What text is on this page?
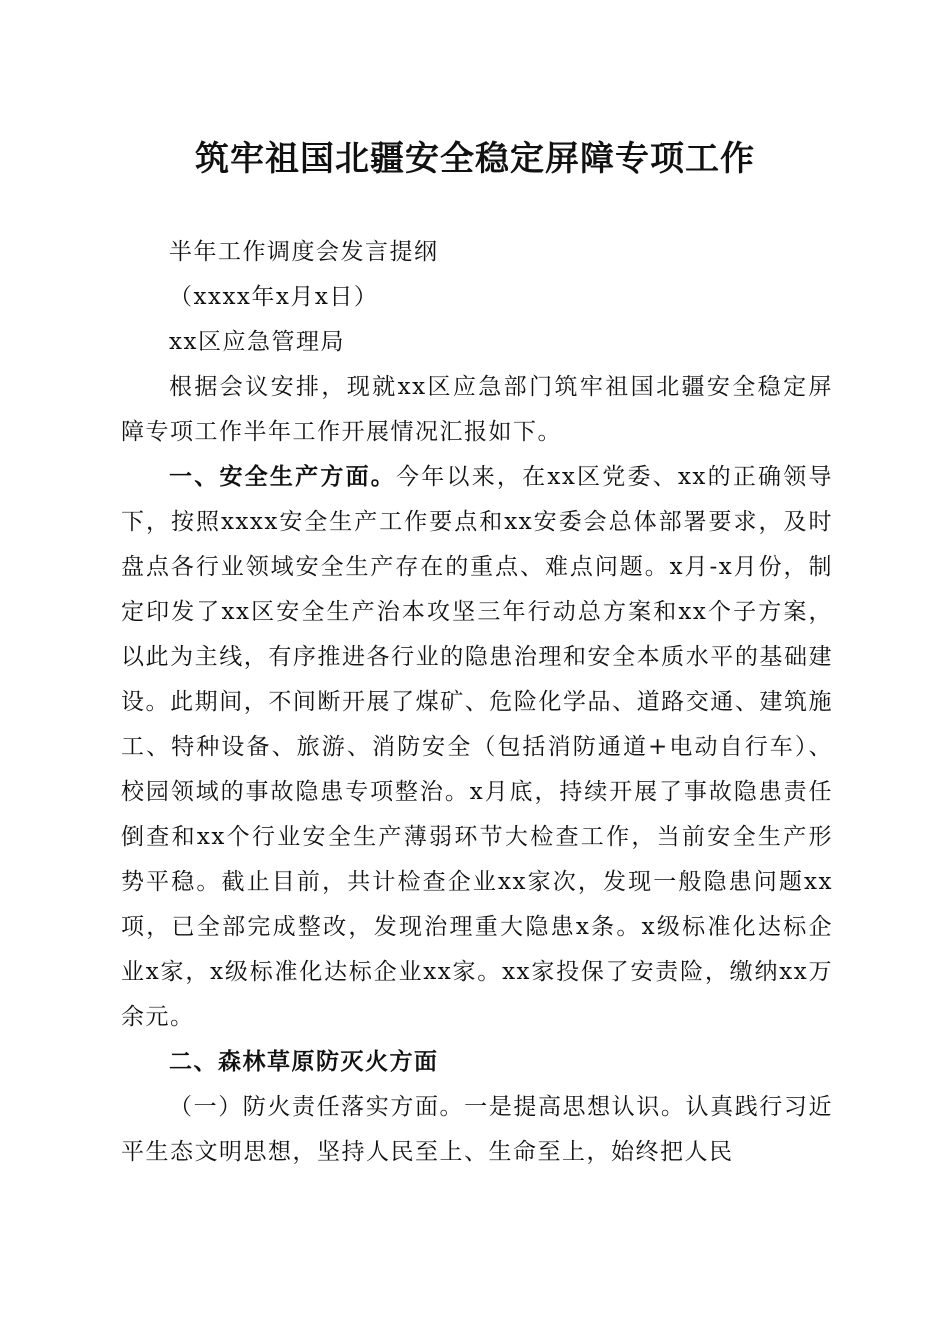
筑牢祖国北疆安全稳定屏障专项工作

半年工作调度会发言提纲

（xxxx年x月x日）

xx区应急管理局

根据会议安排，现就xx区应急部门筑牢祖国北疆安全稳定屏障专项工作半年工作开展情况汇报如下。

一、安全生产方面。今年以来，在xx区党委、xx的正确领导下，按照xxxx安全生产工作要点和xx安委会总体部署要求，及时盘点各行业领域安全生产存在的重点、难点问题。x月-x月份，制定印发了xx区安全生产治本攻坚三年行动总方案和xx个子方案，以此为主线，有序推进各行业的隐患治理和安全本质水平的基础建设。此期间，不间断开展了煤矿、危险化学品、道路交通、建筑施工、特种设备、旅游、消防安全（包括消防通道+电动自行车）、校园领域的事故隐患专项整治。x月底，持续开展了事故隐患责任倒查和xx个行业安全生产薄弱环节大检查工作，当前安全生产形势平稳。截止目前，共计检查企业xx家次，发现一般隐患问题xx项，已全部完成整改，发现治理重大隐患x条。x级标准化达标企业x家，x级标准化达标企业xx家。xx家投保了安责险，缴纳xx万余元。

二、森林草原防灭火方面

（一）防火责任落实方面。一是提高思想认识。认真践行习近平生态文明思想，坚持人民至上、生命至上，始终把人民
